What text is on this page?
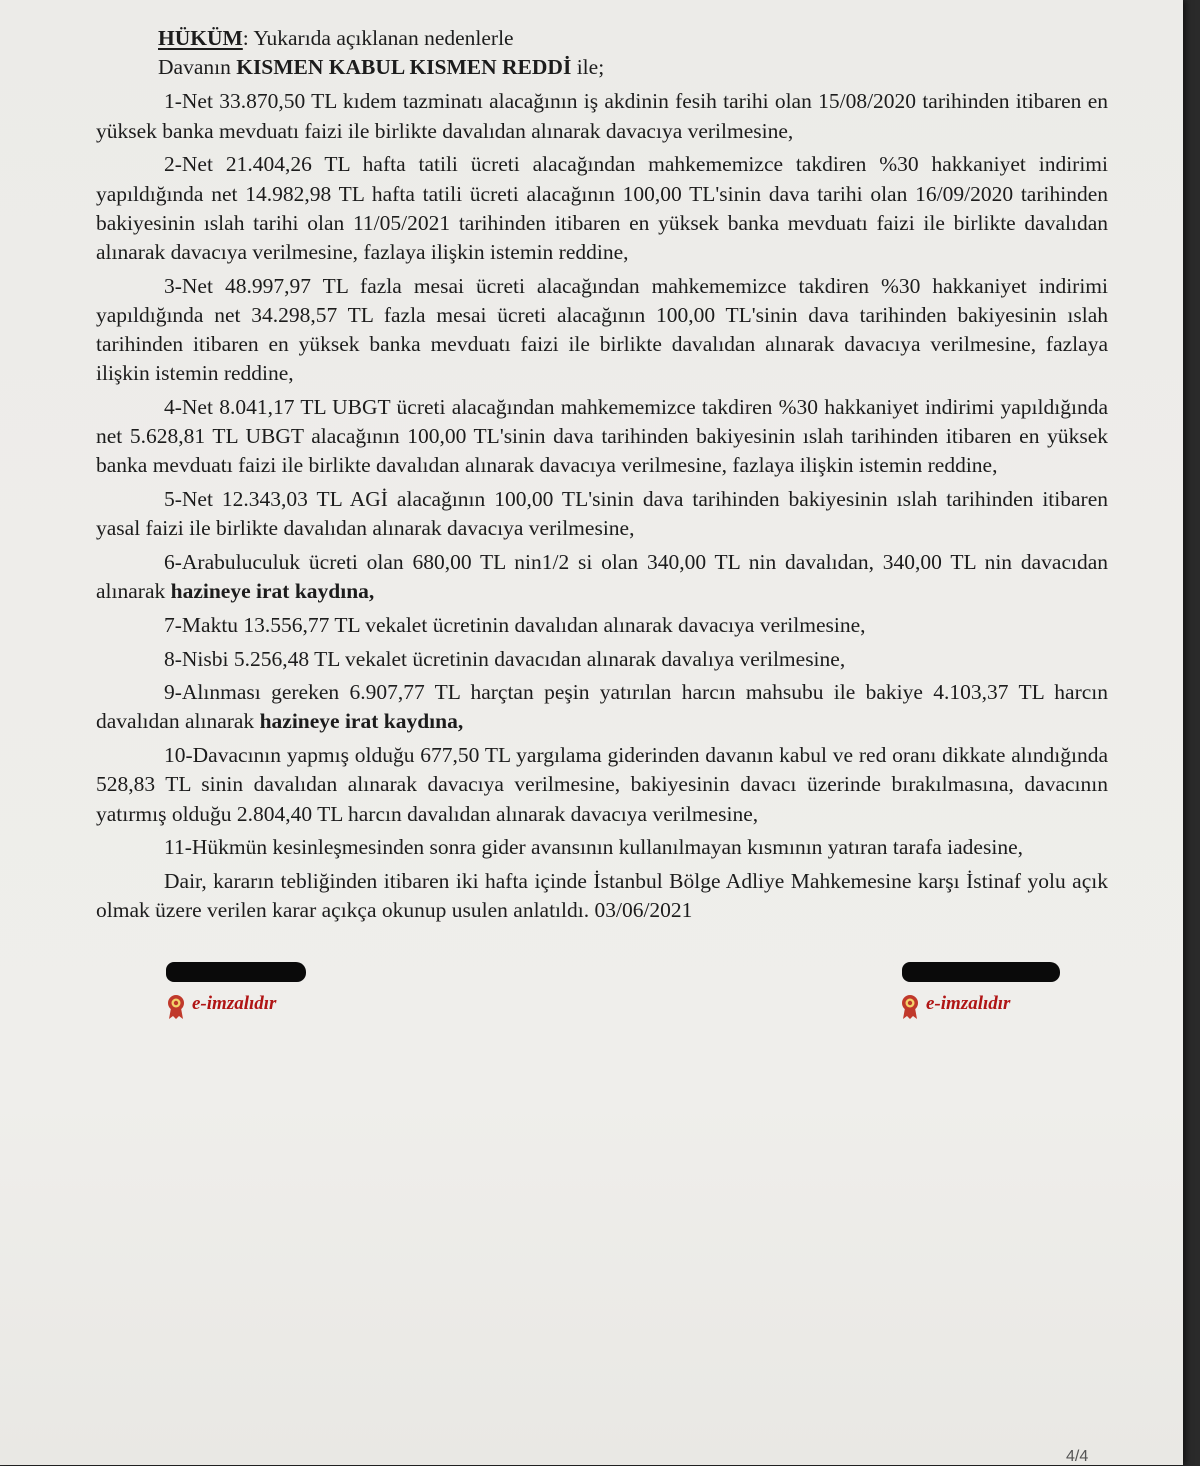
HÜKÜM: Yukarıda açıklanan nedenlerle

Davanın KISMEN KABUL KISMEN REDDİ ile;

1-Net 33.870,50 TL kıdem tazminatı alacağının iş akdinin fesih tarihi olan 15/08/2020 tarihinden itibaren en yüksek banka mevduatı faizi ile birlikte davalıdan alınarak davacıya verilmesine,

2-Net 21.404,26 TL hafta tatili ücreti alacağından mahkememizce takdiren %30 hakkaniyet indirimi yapıldığında net 14.982,98 TL hafta tatili ücreti alacağının 100,00 TL'sinin dava tarihi olan 16/09/2020 tarihinden bakiyesinin ıslah tarihi olan 11/05/2021 tarihinden itibaren en yüksek banka mevduatı faizi ile birlikte davalıdan alınarak davacıya verilmesine, fazlaya ilişkin istemin reddine,

3-Net 48.997,97 TL fazla mesai ücreti alacağından mahkememizce takdiren %30 hakkaniyet indirimi yapıldığında net 34.298,57 TL fazla mesai ücreti alacağının 100,00 TL'sinin dava tarihinden bakiyesinin ıslah tarihinden itibaren en yüksek banka mevduatı faizi ile birlikte davalıdan alınarak davacıya verilmesine, fazlaya ilişkin istemin reddine,

4-Net 8.041,17 TL UBGT ücreti alacağından mahkememizce takdiren %30 hakkaniyet indirimi yapıldığında net 5.628,81 TL UBGT alacağının 100,00 TL'sinin dava tarihinden bakiyesinin ıslah tarihinden itibaren en yüksek banka mevduatı faizi ile birlikte davalıdan alınarak davacıya verilmesine, fazlaya ilişkin istemin reddine,

5-Net 12.343,03 TL AGİ alacağının 100,00 TL'sinin dava tarihinden bakiyesinin ıslah tarihinden itibaren yasal faizi ile birlikte davalıdan alınarak davacıya verilmesine,

6-Arabuluculuk ücreti olan 680,00 TL nin1/2 si olan 340,00 TL nin davalıdan, 340,00 TL nin davacıdan alınarak hazineye irat kaydına,

7-Maktu 13.556,77 TL vekalet ücretinin davalıdan alınarak davacıya verilmesine,

8-Nisbi 5.256,48 TL vekalet ücretinin davacıdan alınarak davalıya verilmesine,

9-Alınması gereken 6.907,77 TL harçtan peşin yatırılan harcın mahsubu ile bakiye 4.103,37 TL harcın davalıdan alınarak hazineye irat kaydına,

10-Davacının yapmış olduğu 677,50 TL yargılama giderinden davanın kabul ve red oranı dikkate alındığında 528,83 TL sinin davalıdan alınarak davacıya verilmesine, bakiyesinin davacı üzerinde bırakılmasına, davacının yatırmış olduğu 2.804,40 TL harcın davalıdan alınarak davacıya verilmesine,

11-Hükmün kesinleşmesinden sonra gider avansının kullanılmayan kısmının yatıran tarafa iadesine,

Dair, kararın tebliğinden itibaren iki hafta içinde İstanbul Bölge Adliye Mahkemesine karşı İstinaf yolu açık olmak üzere verilen karar açıkça okunup usulen anlatıldı. 03/06/2021

e-imzalıdır	e-imzalıdır
4/4
